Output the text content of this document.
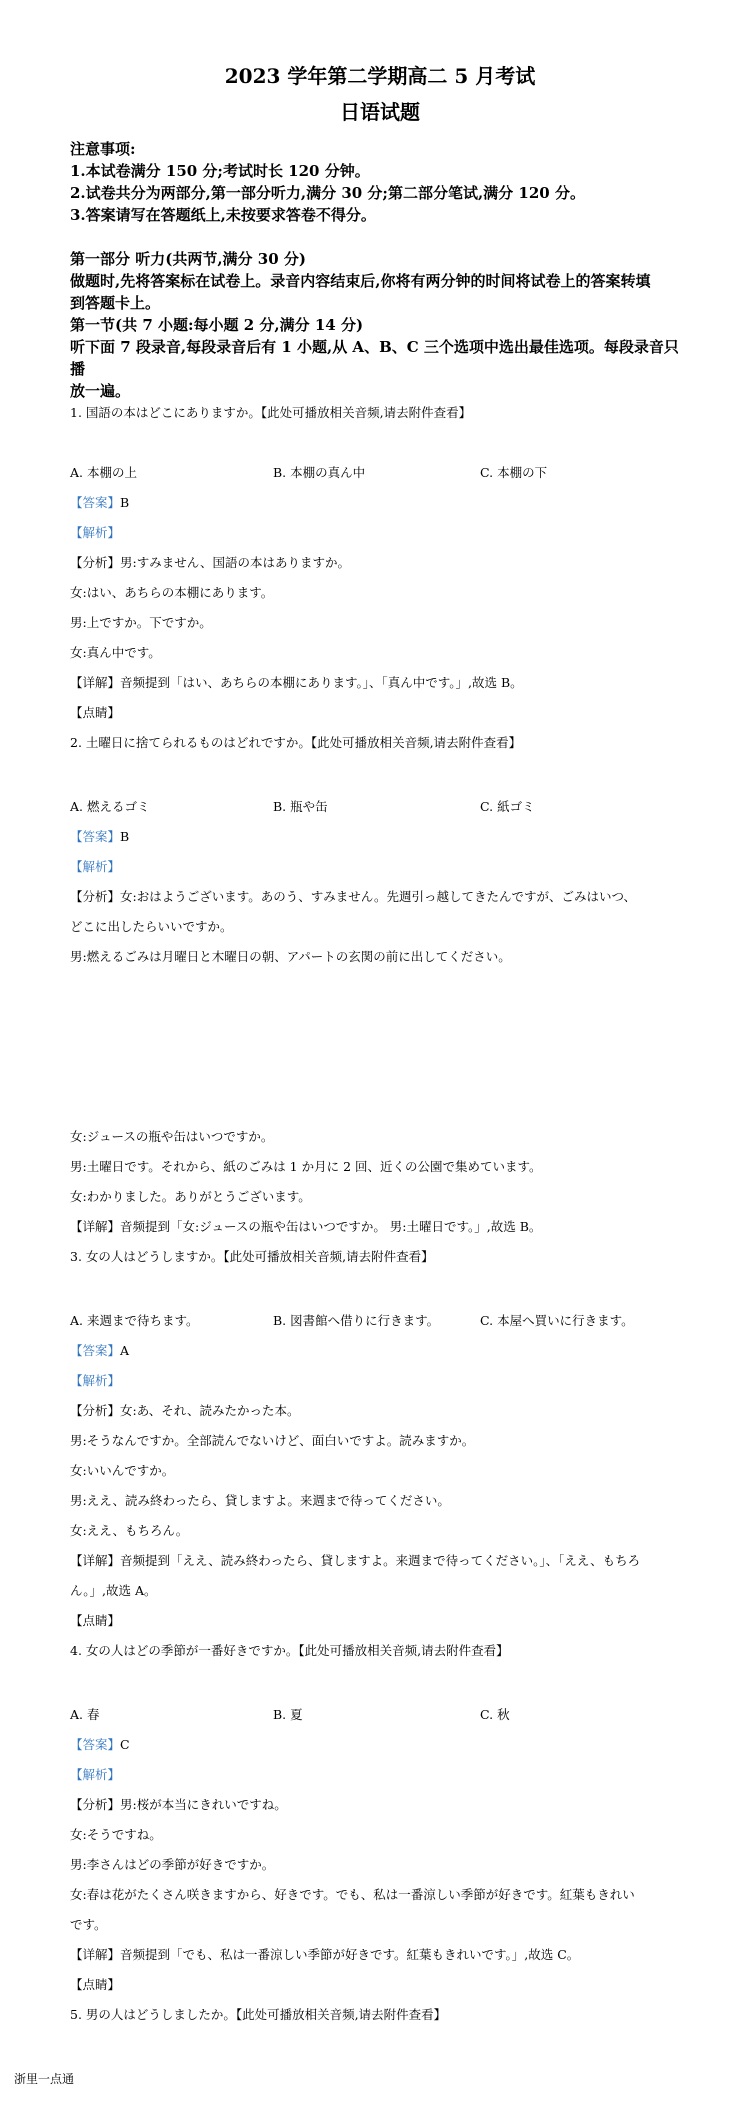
2023 学年第二学期高二 5 月考试
日语试题

注意事项:

1.本试卷满分 150 分;考试时长 120 分钟。

2.试卷共分为两部分,第一部分听力,满分 30 分;第二部分笔试,满分 120 分。

3.答案请写在答题纸上,未按要求答卷不得分。

第一部分 听力(共两节,满分 30 分)

做题时,先将答案标在试卷上。录音内容结束后,你将有两分钟的时间将试卷上的答案转填

到答题卡上。

第一节(共 7 小题:每小题 2 分,满分 14 分)

听下面 7 段录音,每段录音后有 1 小题,从 A、B、C 三个选项中选出最佳选项。每段录音只播

放一遍。

1. 国語の本はどこにありますか。【此处可播放相关音频,请去附件查看】

A. 本棚の上	B. 本棚の真ん中	C. 本棚の下

【答案】B

【解析】

【分析】男:すみません、国語の本はありますか。

女:はい、あちらの本棚にあります。

男:上ですか。下ですか。

女:真ん中です。

【详解】音频提到「はい、あちらの本棚にあります。」、「真ん中です。」,故选 B。

【点睛】

2. 土曜日に捨てられるものはどれですか。【此处可播放相关音频,请去附件查看】

A. 燃えるゴミ	B. 瓶や缶	C. 紙ゴミ

【答案】B

【解析】

【分析】女:おはようございます。あのう、すみません。先週引っ越してきたんですが、ごみはいつ、

どこに出したらいいですか。

男:燃えるごみは月曜日と木曜日の朝、アパートの玄関の前に出してください。

女:ジュースの瓶や缶はいつですか。

男:土曜日です。それから、紙のごみは 1 か月に 2 回、近くの公園で集めています。

女:わかりました。ありがとうございます。

【详解】音频提到「女:ジュースの瓶や缶はいつですか。 男:土曜日です。」,故选 B。

3. 女の人はどうしますか。【此处可播放相关音频,请去附件查看】

A. 来週まで待ちます。	B. 図書館へ借りに行きます。	C. 本屋へ買いに行きます。

【答案】A

【解析】

【分析】女:あ、それ、読みたかった本。

男:そうなんですか。全部読んでないけど、面白いですよ。読みますか。

女:いいんですか。

男:ええ、読み終わったら、貸しますよ。来週まで待ってください。

女:ええ、もちろん。

【详解】音频提到「ええ、読み終わったら、貸しますよ。来週まで待ってください。」、「ええ、もちろ

ん。」,故选 A。

【点睛】

4. 女の人はどの季節が一番好きですか。【此处可播放相关音频,请去附件查看】

A. 春	B. 夏	C. 秋

【答案】C

【解析】

【分析】男:桜が本当にきれいですね。

女:そうですね。

男:李さんはどの季節が好きですか。

女:春は花がたくさん咲きますから、好きです。でも、私は一番涼しい季節が好きです。紅葉もきれい

です。

【详解】音频提到「でも、私は一番涼しい季節が好きです。紅葉もきれいです。」,故选 C。

【点睛】

5. 男の人はどうしましたか。【此处可播放相关音频,请去附件查看】

浙里一点通
